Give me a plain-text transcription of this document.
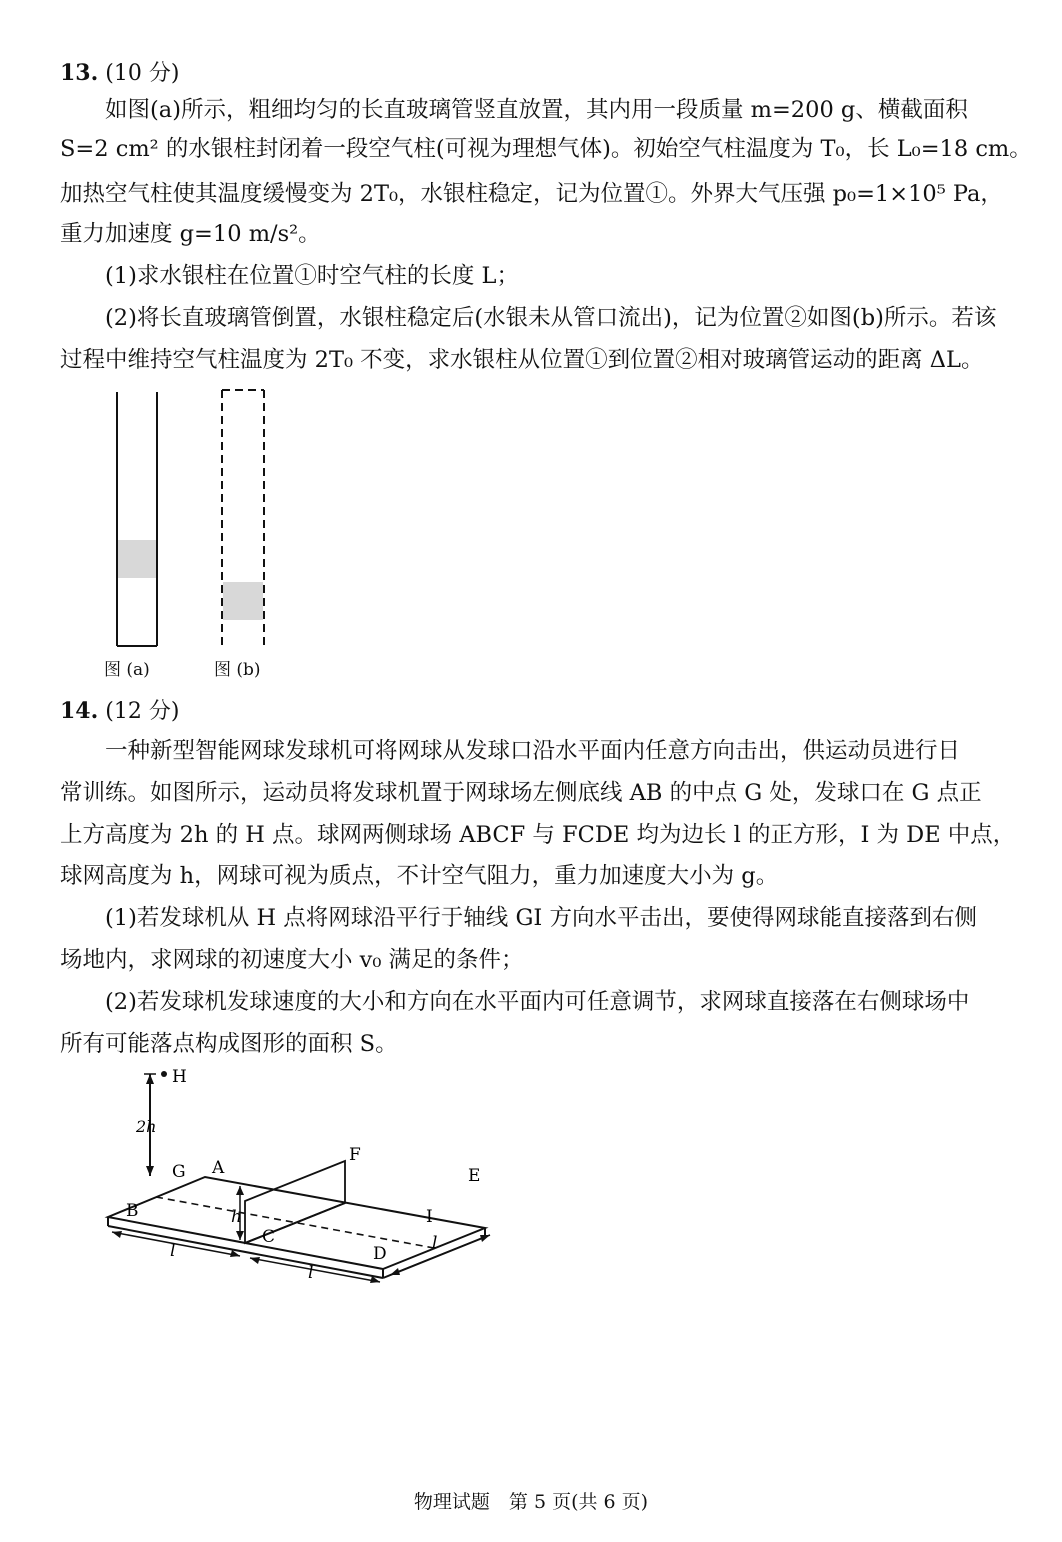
13. (10 分)
如图(a)所示，粗细均匀的长直玻璃管竖直放置，其内用一段质量 m=200 g、横截面积
S=2 cm² 的水银柱封闭着一段空气柱(可视为理想气体)。初始空气柱温度为 T₀，长 L₀=18 cm。
加热空气柱使其温度缓慢变为 2T₀，水银柱稳定，记为位置①。外界大气压强 p₀=1×10⁵ Pa，
重力加速度 g=10 m/s²。
(1)求水银柱在位置①时空气柱的长度 L；
(2)将长直玻璃管倒置，水银柱稳定后(水银未从管口流出)，记为位置②如图(b)所示。若该
过程中维持空气柱温度为 2T₀ 不变，求水银柱从位置①到位置②相对玻璃管运动的距离 ΔL。
图 (a)	图 (b)
14. (12 分)
一种新型智能网球发球机可将网球从发球口沿水平面内任意方向击出，供运动员进行日
常训练。如图所示，运动员将发球机置于网球场左侧底线 AB 的中点 G 处，发球口在 G 点正
上方高度为 2h 的 H 点。球网两侧球场 ABCF 与 FCDE 均为边长 l 的正方形，I 为 DE 中点，
球网高度为 h，网球可视为质点，不计空气阻力，重力加速度大小为 g。
(1)若发球机从 H 点将网球沿平行于轴线 GI 方向水平击出，要使得网球能直接落到右侧
场地内，求网球的初速度大小 v₀ 满足的条件；
(2)若发球机发球速度的大小和方向在水平面内可任意调节，求网球直接落在右侧球场中
所有可能落点构成图形的面积 S。
H
2h
A
F
E
G
B	h
C
I
D
l
l
l
物理试题　第 5 页(共 6 页)
